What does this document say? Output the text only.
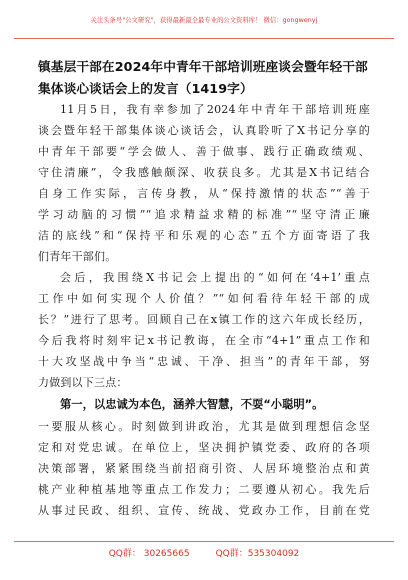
关注头条号"公文研究"，获得最新最全最专业的公文资料库！ 微信：gongwenyj
镇基层干部在2024年中青年干部培训班座谈会暨年轻干部
集体谈心谈话会上的发言（1419字）
11月5日，我有幸参加了2024年中青年干部培训班座
谈会暨年轻干部集体谈心谈话会，认真聆听了X书记分享的
中青年干部要“学会做人、善于做事、践行正确政绩观、
守住清廉”，令我感触颇深、收获良多。尤其是X书记结合
自身工作实际，言传身教，从“保持激情的状态”“善于
学习动脑的习惯”“追求精益求精的标准”“坚守清正廉
洁的底线”和“保持平和乐观的心态”五个方面寄语了我
们青年干部们。
会后，我围绕X书记会上提出的“如何在‘4+1’重点
工作中如何实现个人价值？”“如何看待年轻干部的成
长？”进行了思考。回顾自己在x镇工作的这六年成长经历，
今后我将时刻牢记x书记教诲，在全市“4+1”重点工作和
十大攻坚战中争当“忠诚、干净、担当”的青年干部，努
力做到以下三点：
第一，以忠诚为本色，涵养大智慧，不耍“小聪明”。
一要服从核心。时刻做到讲政治，尤其是做到理想信念坚
定和对党忠诚。在单位上，坚决拥护镇党委、政府的各项
决策部署，紧紧围绕当前招商引资、人居环境整治点和黄
桃产业种植基地等重点工作发力；二要遵从初心。我先后
从事过民政、组织、宣传、统战、党政办工作，目前在党
QQ群： 30265665	QQ群：535304092
